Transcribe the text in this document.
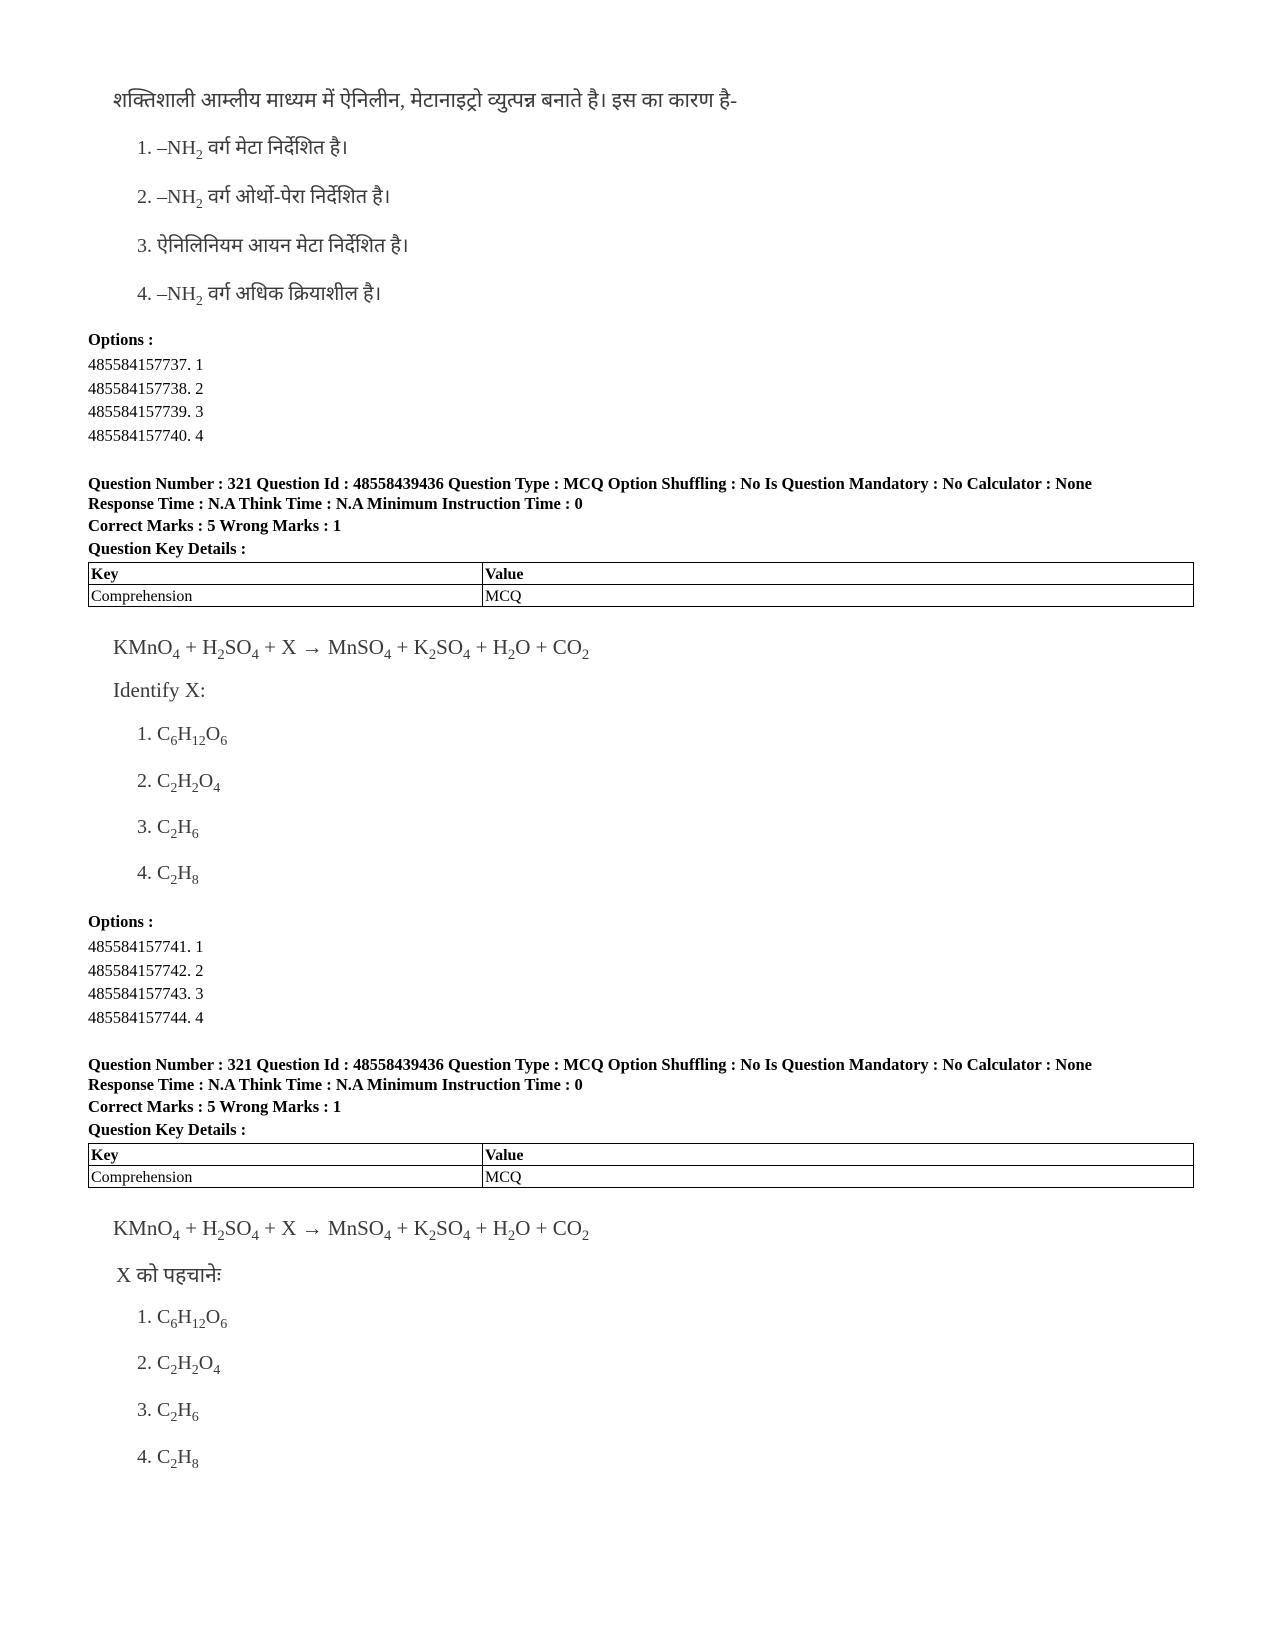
शक्तिशाली आम्लीय माध्यम में ऐनिलीन, मेटानाइट्रो व्युत्पन्न बनाते है। इस का कारण है-
1. $-NH_2$ वर्ग मेटा निर्देशित है।
2. $-NH_2$ वर्ग ओर्थो-पेरा निर्देशित है।
3. ऐनिलिनियम आयन मेटा निर्देशित है।
4. $-NH_2$ वर्ग अधिक क्रियाशील है।
Options :
485584157737. 1
485584157738. 2
485584157739. 3
485584157740. 4
Question Number : 321 Question Id : 48558439436 Question Type : MCQ Option Shuffling : No Is Question Mandatory : No Calculator : None
Response Time : N.A Think Time : N.A Minimum Instruction Time : 0
Correct Marks : 5 Wrong Marks : 1
Question Key Details :
Key	Value
Comprehension	MCQ
KMnO$_4$ + $H_2SO_4 + X$ → MnSO$_4$ + $K_2SO_4 + H_2O + CO_2$
Identify X:
1. $C_6H_{12}O_6$
2. $C_2H_2O_4$
3. $C_2H_6$
4. $C_2H_8$
Options :
485584157741. 1
485584157742. 2
485584157743. 3
485584157744. 4
Question Number : 321 Question Id : 48558439436 Question Type : MCQ Option Shuffling : No Is Question Mandatory : No Calculator : None
Response Time : N.A Think Time : N.A Minimum Instruction Time : 0
Correct Marks : 5 Wrong Marks : 1
Question Key Details :
Key	Value
Comprehension	MCQ
KMnO$_4$ + $H_2SO_4 + X$ → MnSO$_4$ + $K_2SO_4 + H_2O + CO_2$
X को पहचानेः
1. $C_6H_{12}O_6$
2. $C_2H_2O_4$
3. $C_2H_6$
4. $C_2H_8$
